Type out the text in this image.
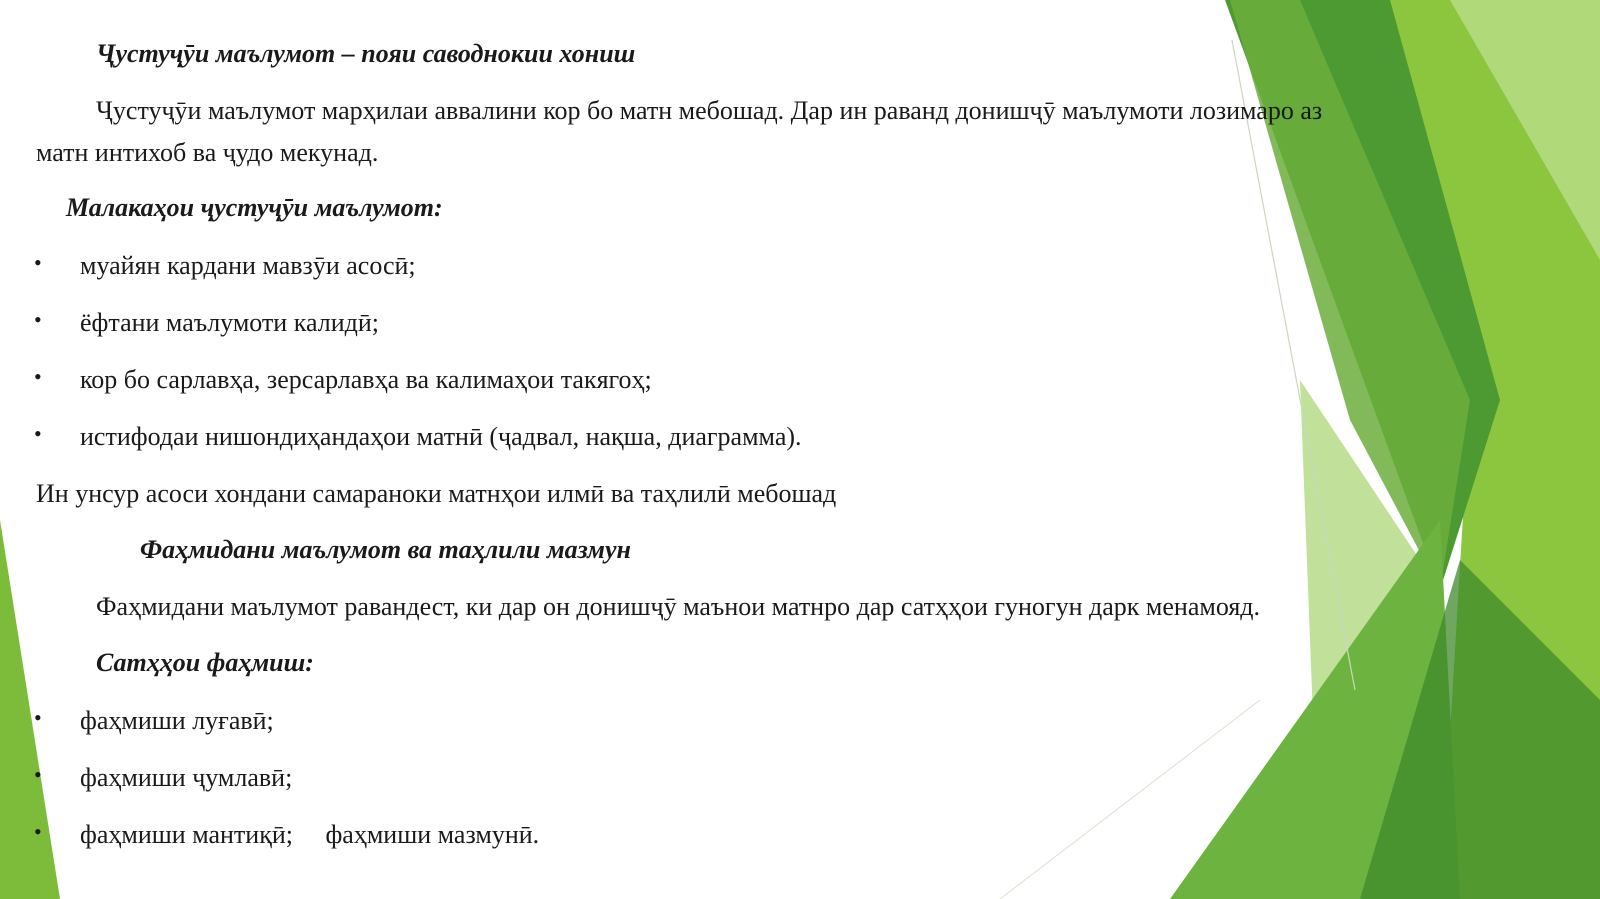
Ҷустуҷӯи маълумот – пояи саводнокии хониш
Ҷустуҷӯи маълумот марҳилаи аввалини кор бо матн мебошад. Дар ин раванд донишҷӯ маълумоти лозимаро аз
матн интихоб ва ҷудо мекунад.
Малакаҳои ҷустуҷӯи маълумот:
• муайян кардани мавзӯи асосӣ;
• ёфтани маълумоти калидӣ;
• кор бо сарлавҳа, зерсарлавҳа ва калимаҳои такягоҳ;
• истифодаи нишондиҳандаҳои матнӣ (ҷадвал, нақша, диаграмма).
Ин унсур асоси хондани самараноки матнҳои илмӣ ва таҳлилӣ мебошад
Фаҳмидани маълумот ва таҳлили мазмун
Фаҳмидани маълумот равандест, ки дар он донишҷӯ маънои матнро дар сатҳҳои гуногун дарк менамояд.
Сатҳҳои фаҳмиш:
• фаҳмиши луғавӣ;
• фаҳмиши ҷумлавӣ;
• фаҳмиши мантиқӣ;     фаҳмиши мазмунӣ.
